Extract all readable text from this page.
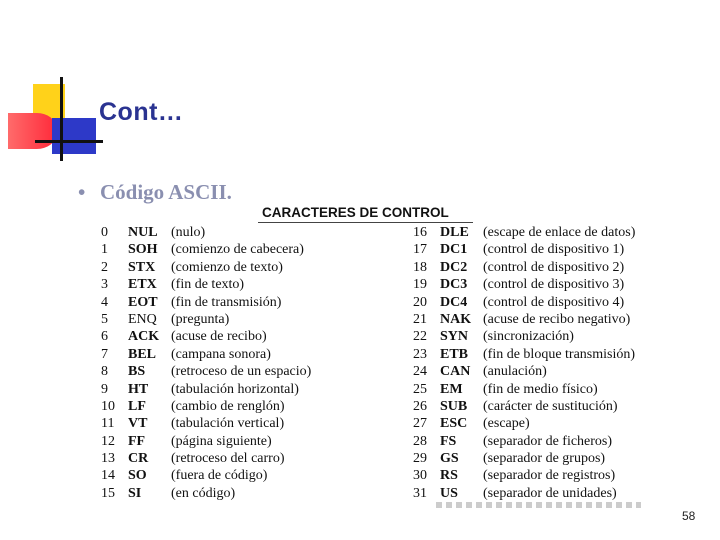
Cont…
• Código ASCII.
CARACTERES DE CONTROL
0	NUL (nulo)
1	SOH (comienzo de cabecera)
2	STX	(comienzo de texto)
3	ETX	(fin de texto)
4	EOT (fin de transmisión)
5	ENQ	(pregunta)
6	ACK (acuse de recibo)
7	BEL	(campana sonora)
8	BS	(retroceso de un espacio)
9	HT	(tabulación horizontal)
10 LF	(cambio de renglón)
11 VT	(tabulación vertical)
12 FF	(página siguiente)
13 CR	(retroceso del carro)
14 SO	(fuera de código)
15 SI	(en código)
16 DLE	(escape de enlace de datos)
17 DC1	(control de dispositivo 1)
18 DC2	(control de dispositivo 2)
19 DC3	(control de dispositivo 3)
20 DC4	(control de dispositivo 4)
21 NAK (acuse de recibo negativo)
22 SYN	(sincronización)
23 ETB	(fin de bloque transmisión)
24 CAN (anulación)
25 EM	(fin de medio físico)
26 SUB	(carácter de sustitución)
27 ESC	(escape)
28 FS	(separador de ficheros)
29 GS	(separador de grupos)
30 RS	(separador de registros)
31 US	(separador de unidades)
58
